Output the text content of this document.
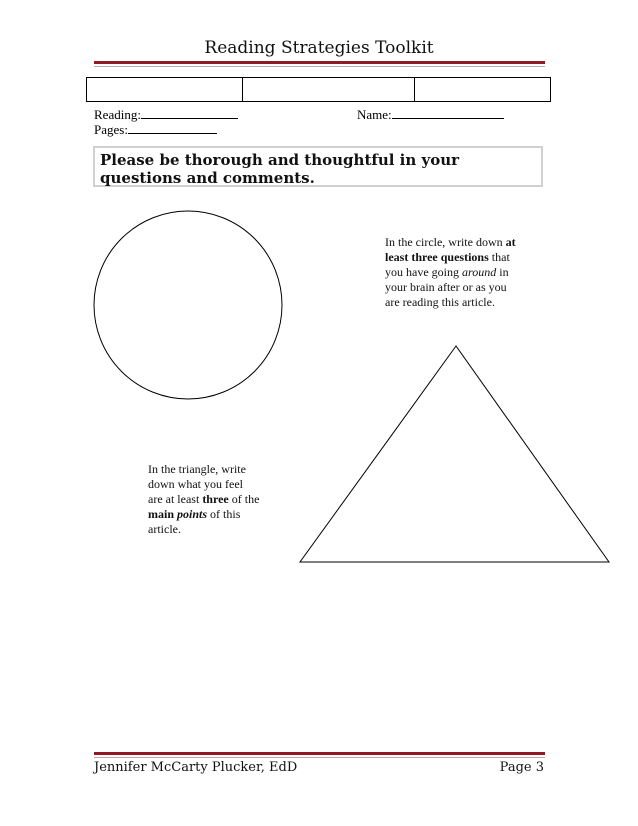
Reading Strategies Toolkit
Reading:	Name:
Pages:
Please be thorough and thoughtful in your questions and comments.
In the circle, write down at least three questions that you have going around in your brain after or as you are reading this article.
In the triangle, write down what you feel are at least three of the main points of this article.
Jennifer McCarty Plucker, EdD	Page 3
